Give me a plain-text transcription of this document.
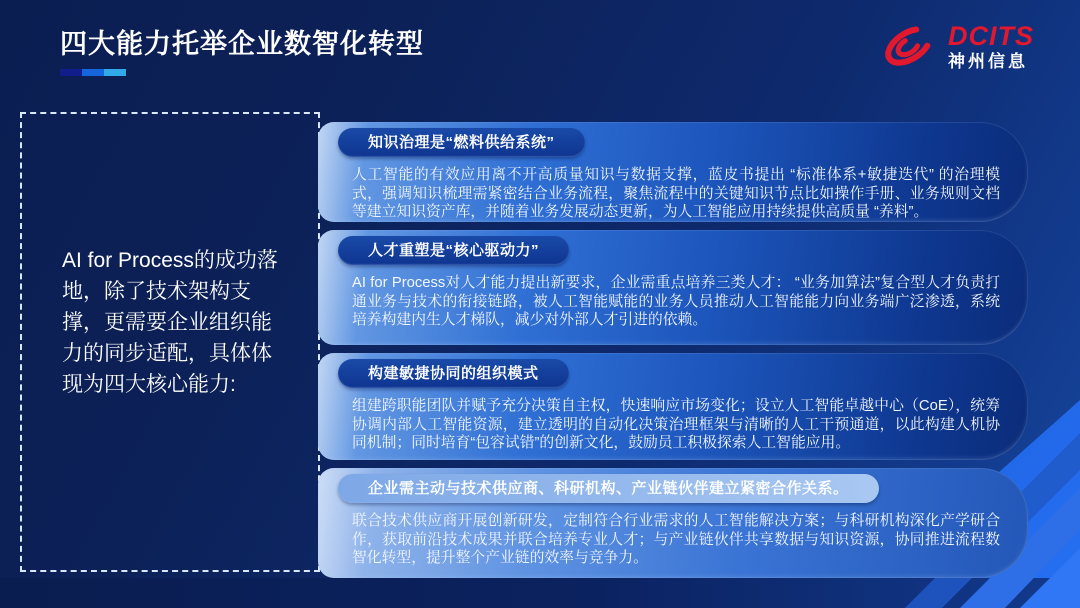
四大能力托举企业数智化转型	DCITS
神州信息

AI for Process的成功落地，除了技术架构支撑，更需要企业组织能力的同步适配，具体体现为四大核心能力:

知识治理是“燃料供给系统”

人工智能的有效应用离不开高质量知识与数据支撑，蓝皮书提出 “标准体系+敏捷迭代” 的治理模式，强调知识梳理需紧密结合业务流程，聚焦流程中的关键知识节点比如操作手册、业务规则文档等建立知识资产库，并随着业务发展动态更新，为人工智能应用持续提供高质量 “养料”。

人才重塑是“核心驱动力”

AI for Process对人才能力提出新要求，企业需重点培养三类人才： “业务加算法”复合型人才负责打通业务与技术的衔接链路，被人工智能赋能的业务人员推动人工智能能力向业务端广泛渗透，系统培养构建内生人才梯队，减少对外部人才引进的依赖。

构建敏捷协同的组织模式

组建跨职能团队并赋予充分决策自主权，快速响应市场变化；设立人工智能卓越中心（CoE），统筹协调内部人工智能资源，建立透明的自动化决策治理框架与清晰的人工干预通道，以此构建人机协同机制；同时培育“包容试错”的创新文化，鼓励员工积极探索人工智能应用。

企业需主动与技术供应商、科研机构、产业链伙伴建立紧密合作关系。

联合技术供应商开展创新研发，定制符合行业需求的人工智能解决方案；与科研机构深化产学研合作，获取前沿技术成果并联合培养专业人才；与产业链伙伴共享数据与知识资源，协同推进流程数智化转型，提升整个产业链的效率与竞争力。
